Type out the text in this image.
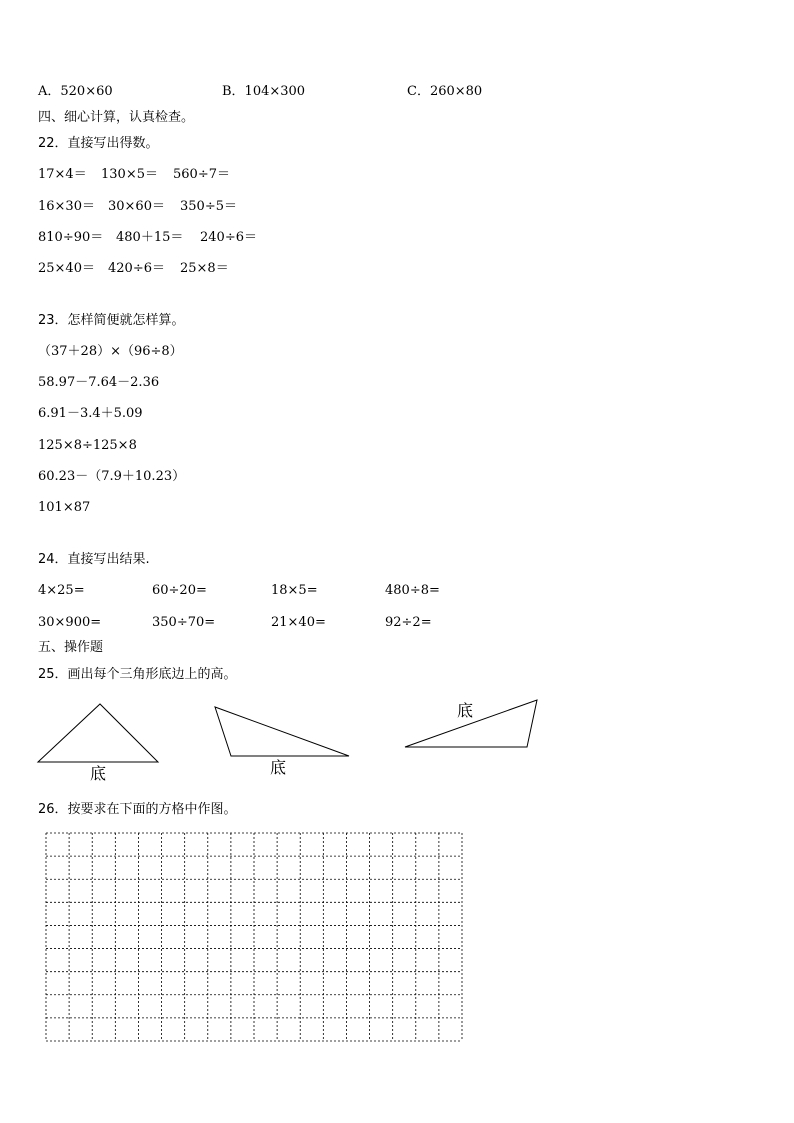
A．520×60	B．104×300	C．260×80
四、细心计算，认真检查。
22．直接写出得数。
17×4＝ 130×5＝ 560÷7＝
16×30＝ 30×60＝ 350÷5＝
810÷90＝ 480＋15＝ 240÷6＝
25×40＝ 420÷6＝ 25×8＝
23．怎样简便就怎样算。
（37＋28）×（96÷8）
58.97－7.64－2.36
6.91－3.4＋5.09
125×8÷125×8
60.23－（7.9＋10.23）
101×87
24．直接写出结果.
4×25=	60÷20=	18×5=	480÷8=
30×900=	350÷70=	21×40=	92÷2=
五、操作题
25．画出每个三角形底边上的高。
底	底
底
26．按要求在下面的方格中作图。
